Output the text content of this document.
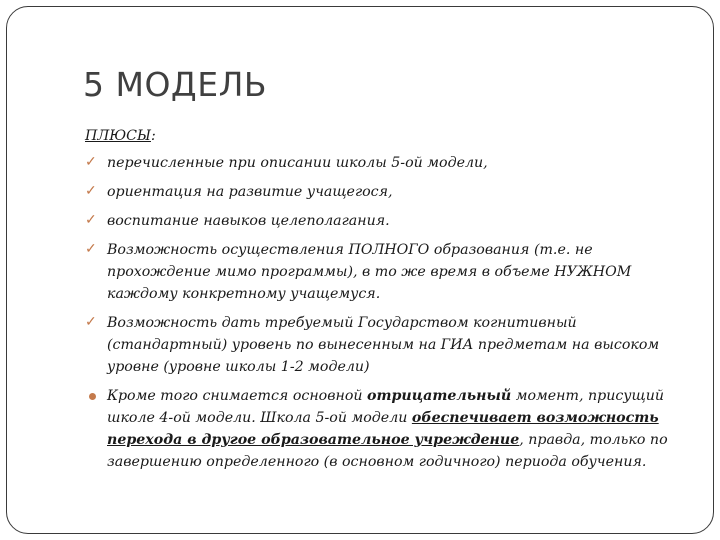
5 МОДЕЛЬ
ПЛЮСЫ:
✓ перечисленные при описании школы 5-ой модели,
✓ ориентация на развитие учащегося,
✓ воспитание навыков целеполагания.
✓ Возможность осуществления ПОЛНОГО образования (т.е. не прохождение мимо программы), в то же время в объеме НУЖНОМ каждому конкретному учащемуся.
✓ Возможность дать требуемый Государством когнитивный (стандартный) уровень по вынесенным на ГИА предметам на высоком уровне (уровне школы 1-2 модели)
Кроме того снимается основной отрицательный момент, присущий школе 4-ой модели. Школа 5-ой модели обеспечивает возможность перехода в другое образовательное учреждение, правда, только по завершению определенного (в основном годичного) периода обучения.
